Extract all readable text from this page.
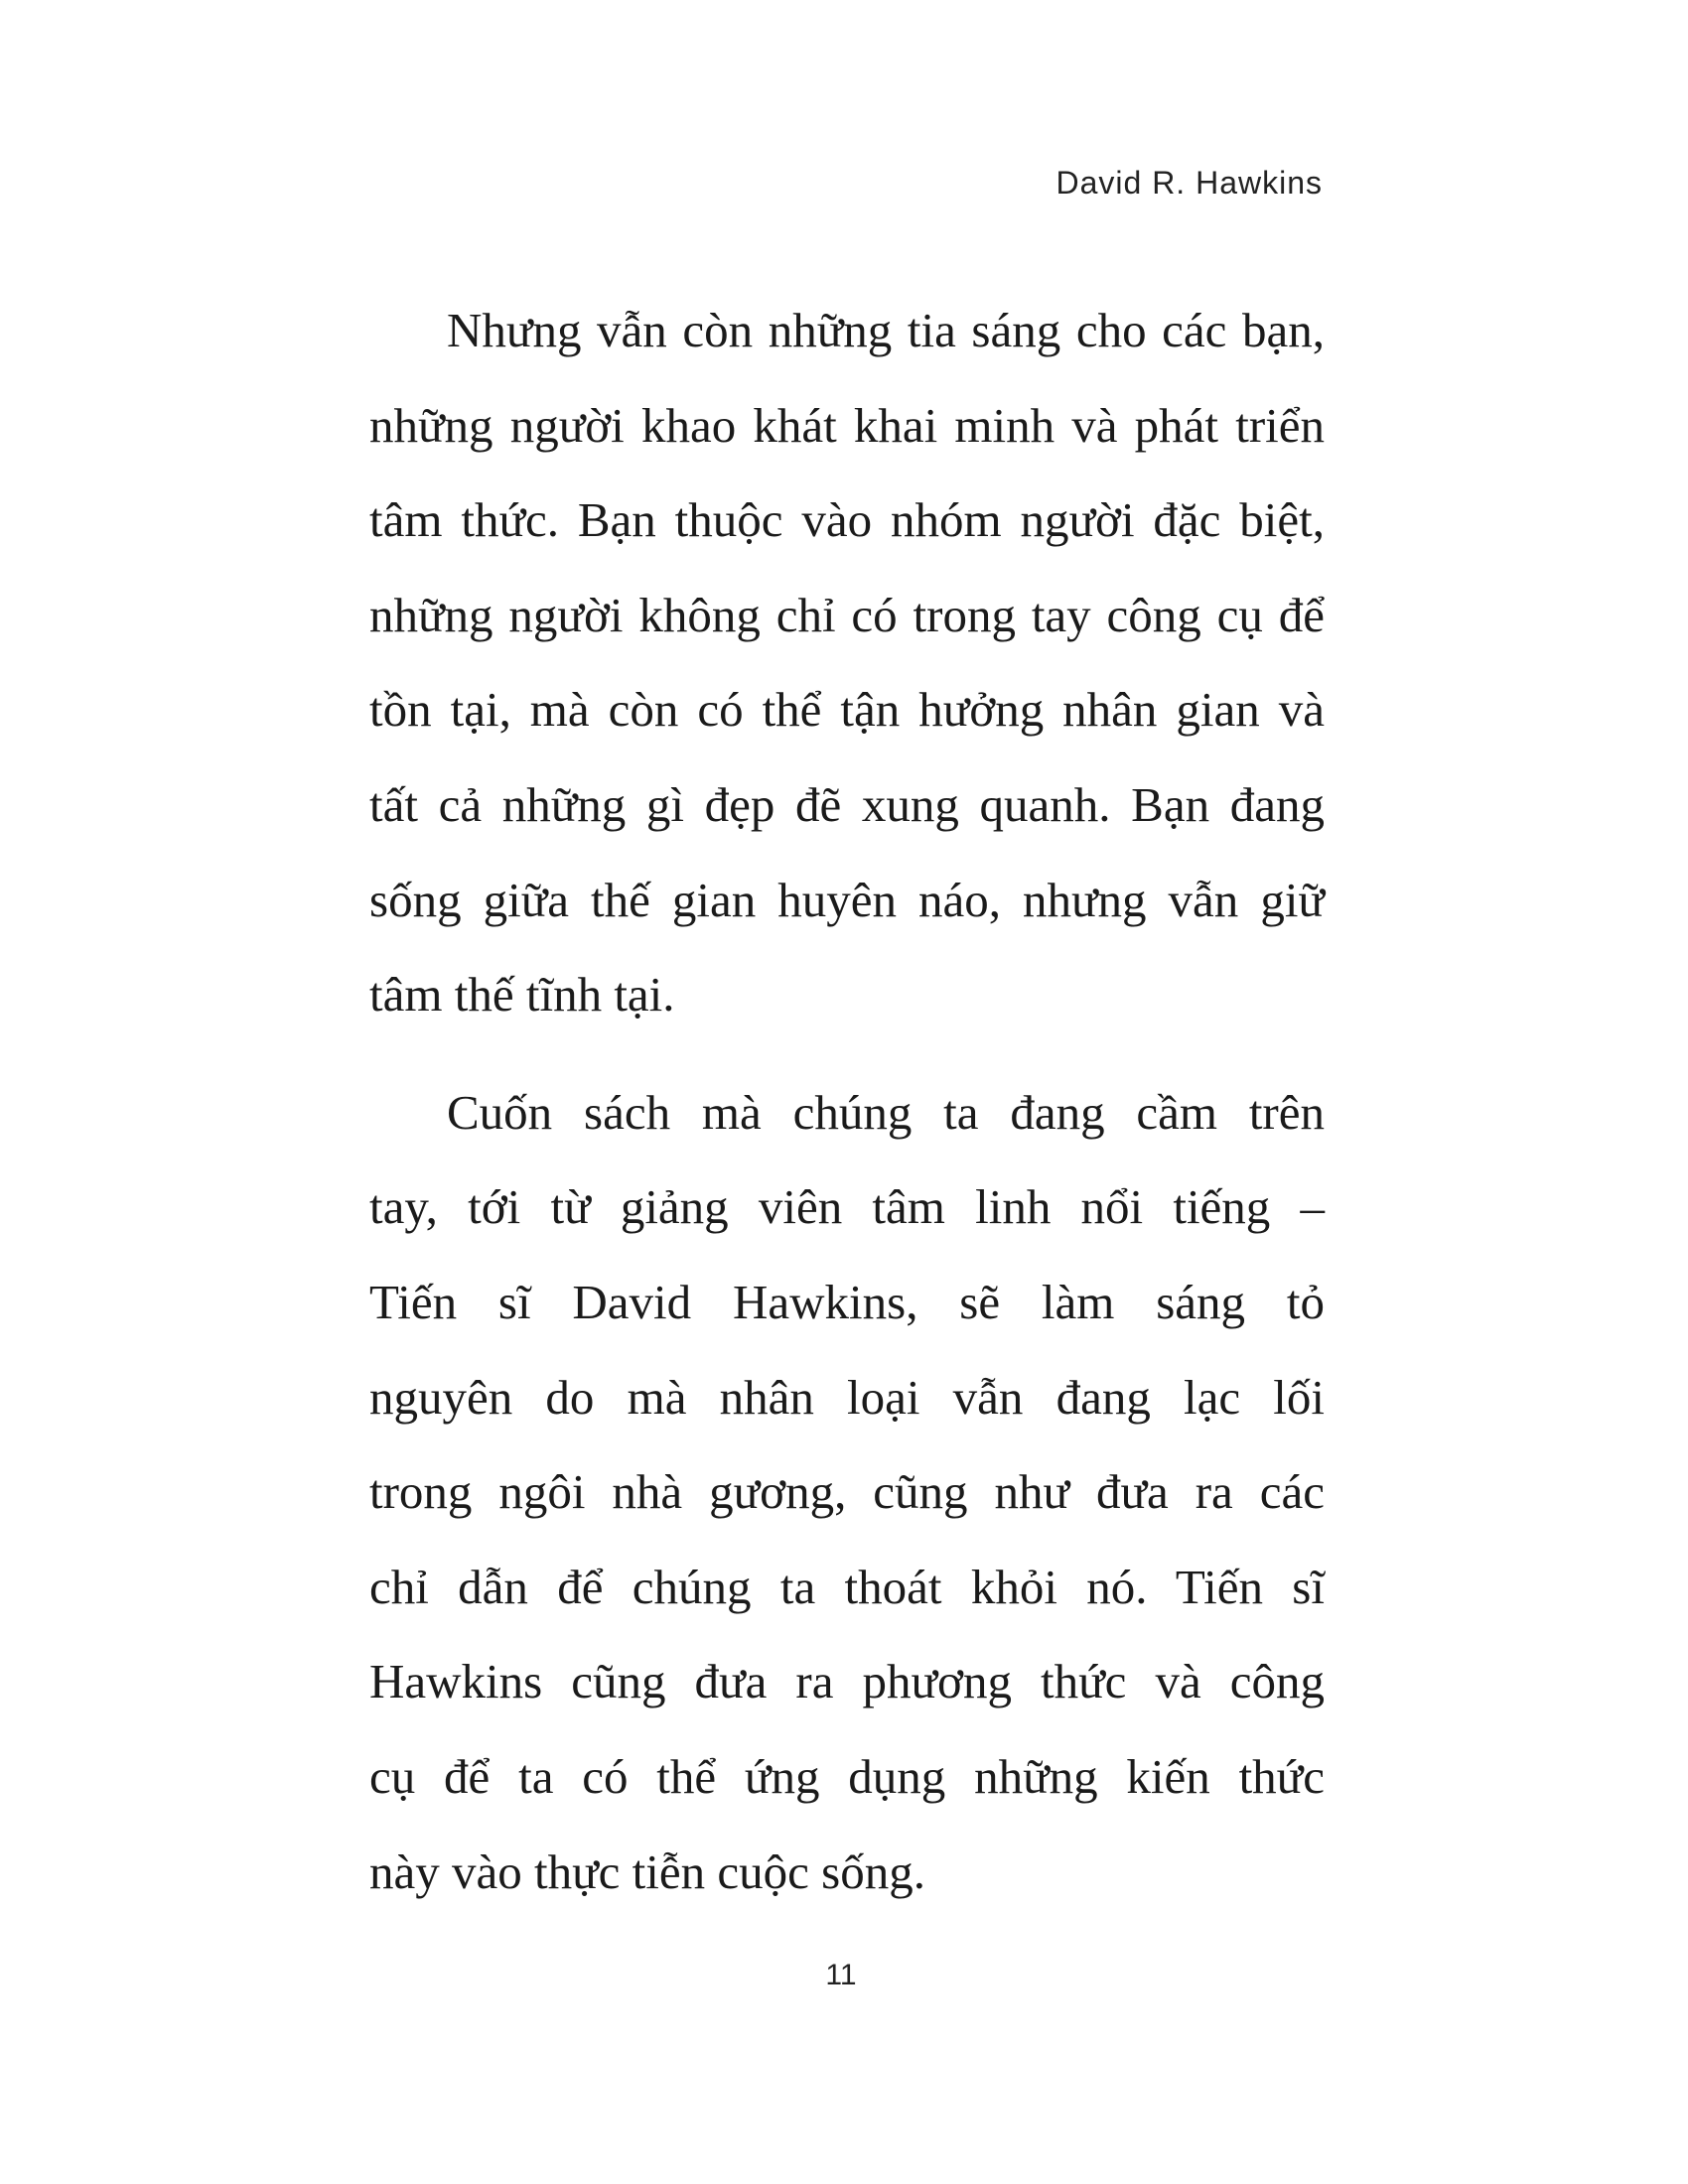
David R. Hawkins

Nhưng vẫn còn những tia sáng cho các bạn,
những người khao khát khai minh và phát triển
tâm thức. Bạn thuộc vào nhóm người đặc biệt,
những người không chỉ có trong tay công cụ để
tồn tại, mà còn có thể tận hưởng nhân gian và
tất cả những gì đẹp đẽ xung quanh. Bạn đang
sống giữa thế gian huyên náo, nhưng vẫn giữ
tâm thế tĩnh tại.

Cuốn sách mà chúng ta đang cầm trên
tay, tới từ giảng viên tâm linh nổi tiếng –
Tiến sĩ David Hawkins, sẽ làm sáng tỏ
nguyên do mà nhân loại vẫn đang lạc lối
trong ngôi nhà gương, cũng như đưa ra các
chỉ dẫn để chúng ta thoát khỏi nó. Tiến sĩ
Hawkins cũng đưa ra phương thức và công
cụ để ta có thể ứng dụng những kiến thức
này vào thực tiễn cuộc sống.

11
